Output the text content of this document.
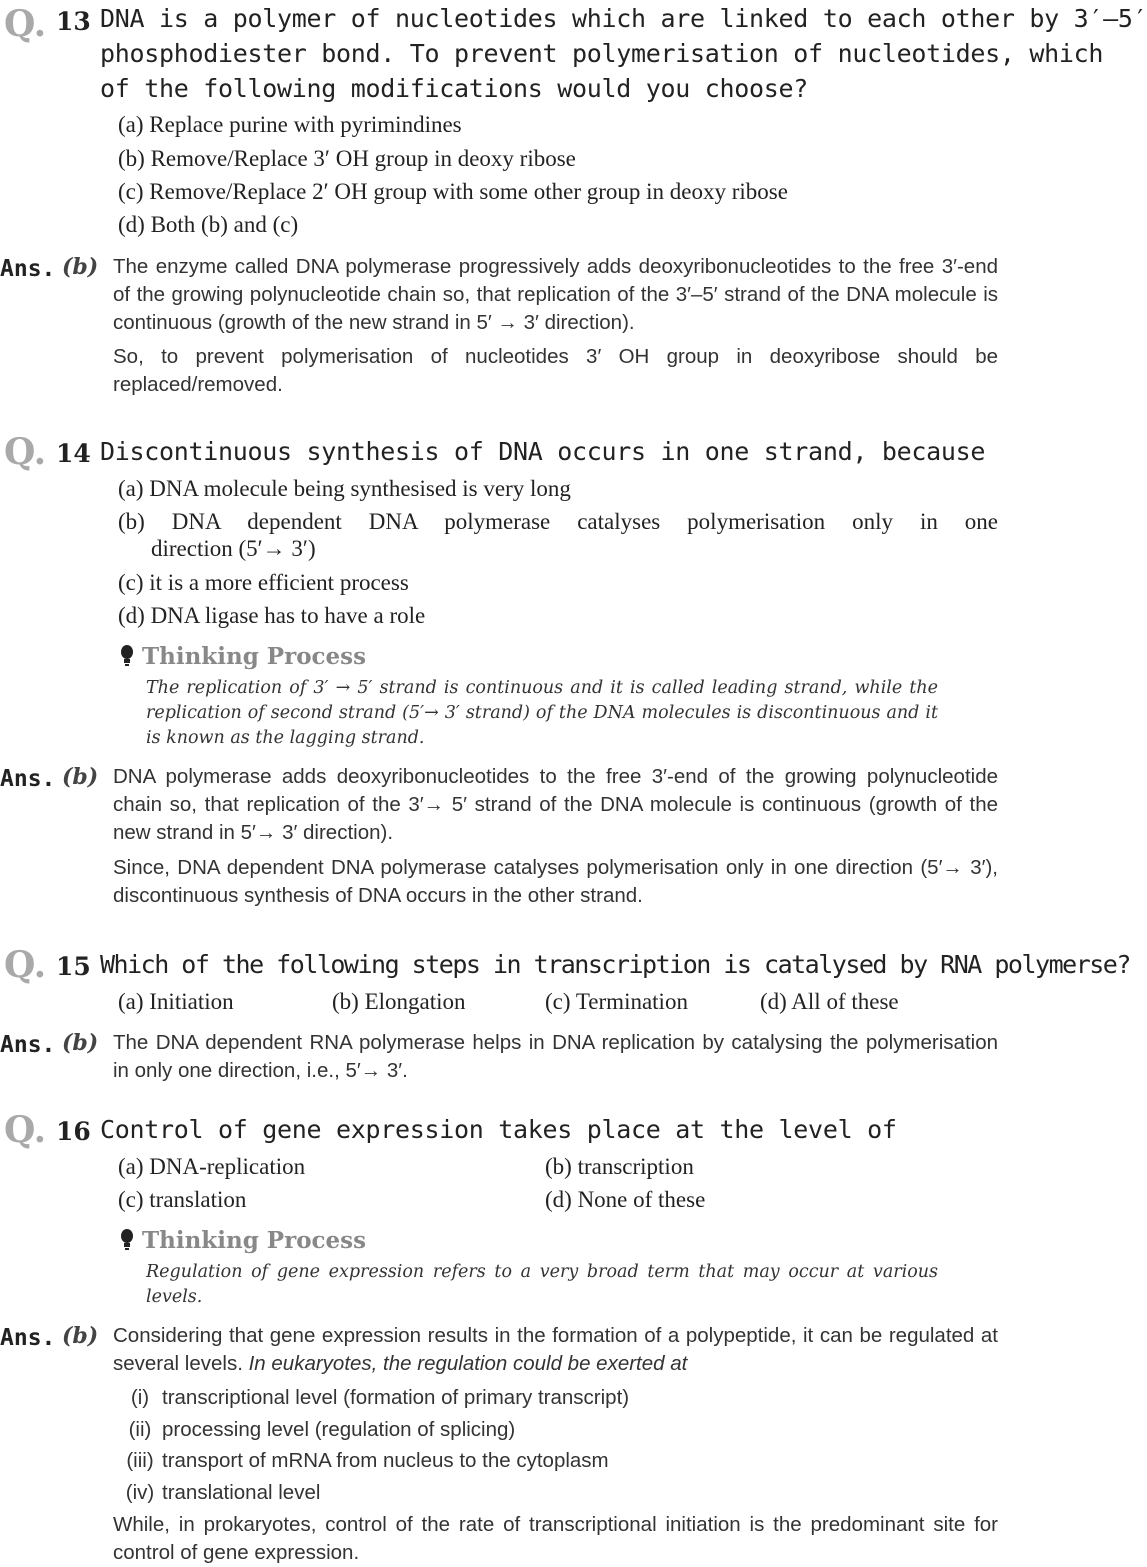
Q. 13 DNA is a polymer of nucleotides which are linked to each other by 3′–5′
phosphodiester bond. To prevent polymerisation of nucleotides, which
of the following modifications would you choose?
(a) Replace purine with pyrimindines
(b) Remove/Replace 3′ OH group in deoxy ribose
(c) Remove/Replace 2′ OH group with some other group in deoxy ribose
(d) Both (b) and (c)
Ans. (b) The enzyme called DNA polymerase progressively adds deoxyribonucleotides to the free 3′-end of the growing polynucleotide chain so, that replication of the 3′–5′ strand of the DNA molecule is continuous (growth of the new strand in 5′ → 3′ direction).

So, to prevent polymerisation of nucleotides 3′ OH group in deoxyribose should be replaced/removed.

Q. 14 Discontinuous synthesis of DNA occurs in one strand, because
(a) DNA molecule being synthesised is very long
(b) DNA dependent DNA polymerase catalyses polymerisation only in one
direction (5′→ 3′)
(c) it is a more efficient process
(d) DNA ligase has to have a role
Thinking Process
The replication of 3′ → 5′ strand is continuous and it is called leading strand, while the replication of second strand (5′→ 3′ strand) of the DNA molecules is discontinuous and it is known as the lagging strand.
Ans. (b) DNA polymerase adds deoxyribonucleotides to the free 3′-end of the growing polynucleotide chain so, that replication of the 3′→ 5′ strand of the DNA molecule is continuous (growth of the new strand in 5′→ 3′ direction).

Since, DNA dependent DNA polymerase catalyses polymerisation only in one direction (5′→ 3′), discontinuous synthesis of DNA occurs in the other strand.

Q. 15 Which of the following steps in transcription is catalysed by RNA polymerse?
(a) Initiation	(b) Elongation	(c) Termination	(d) All of these
Ans. (b) The DNA dependent RNA polymerase helps in DNA replication by catalysing the polymerisation in only one direction, i.e., 5′→ 3′.

Q. 16 Control of gene expression takes place at the level of
(a) DNA-replication	(b) transcription
(c) translation	(d) None of these
Thinking Process
Regulation of gene expression refers to a very broad term that may occur at various levels.
Ans. (b) Considering that gene expression results in the formation of a polypeptide, it can be regulated at several levels. In eukaryotes, the regulation could be exerted at

(i) transcriptional level (formation of primary transcript)
(ii) processing level (regulation of splicing)
(iii) transport of mRNA from nucleus to the cytoplasm
(iv) translational level
While, in prokaryotes, control of the rate of transcriptional initiation is the predominant site for control of gene expression.
